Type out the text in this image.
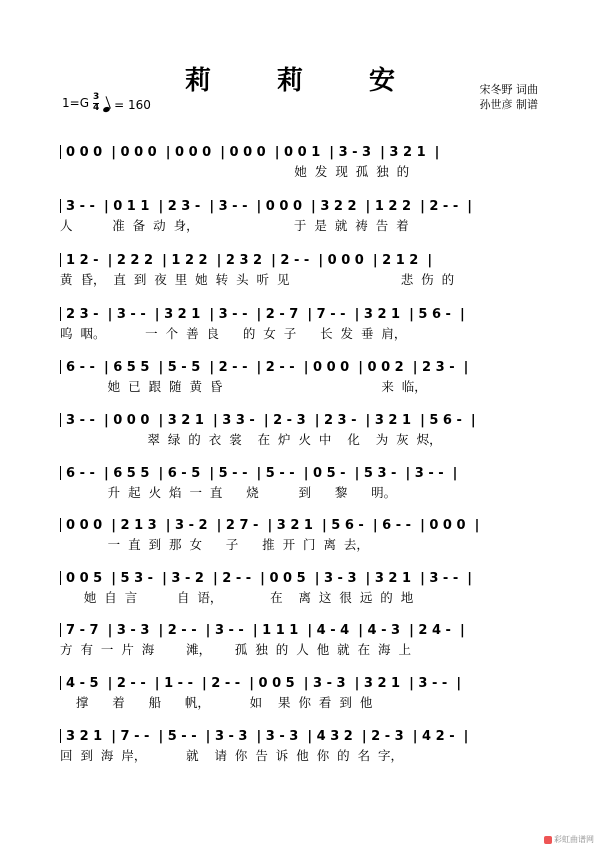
莉　莉　安	宋冬野 词曲
孙世彦 制谱
$1=G \frac{3}{4}$
= 160
0 0 0  | 0 0 0  | 0 0 0  | 0 0 0  | 0 0 1  | 3 - 3  | 3 2 1  |
她  发  现  孤  独  的
3 - -  | 0 1 1  | 2 3 -  | 3 - -  | 0 0 0  | 3 2 2  | 1 2 2  | 2 - -  |
人          准  备  动  身，                        于  是  就  祷  告  着
1 2 -  | 2 2 2  | 1 2 2  | 2 3 2  | 2 - -  | 0 0 0  | 2 1 2  |
黄  昏，  直  到  夜  里  她  转  头  听  见                            悲  伤  的
2 3 -  | 3 - -  | 3 2 1  | 3 - -  | 2 - 7  | 7 - -  | 3 2 1  | 5 6 -  |
呜  咽。          一  个  善  良      的  女  子      长  发  垂  肩，
6 - -  | 6 5 5  | 5 - 5  | 2 - -  | 2 - -  | 0 0 0  | 0 0 2  | 2 3 -  |
她  已  跟  随  黄  昏                                        来  临，
3 - -  | 0 0 0  | 3 2 1  | 3 3 -  | 2 - 3  | 2 3 -  | 3 2 1  | 5 6 -  |
翠  绿  的  衣  裳    在  炉  火  中    化    为  灰  烬，
6 - -  | 6 5 5  | 6 - 5  | 5 - -  | 5 - -  | 0 5 -  | 5 3 -  | 3 - -  |
升  起  火  焰  一  直      烧          到      黎      明。
0 0 0  | 2 1 3  | 3 - 2  | 2 7 -  | 3 2 1  | 5 6 -  | 6 - -  | 0 0 0  |
一  直  到  那  女      子      推  开  门  离  去，
0 0 5  | 5 3 -  | 3 - 2  | 2 - -  | 0 0 5  | 3 - 3  | 3 2 1  | 3 - -  |
她  自  言          自  语，            在    离  这  很  远  的  地
7 - 7  | 3 - 3  | 2 - -  | 3 - -  | 1 1 1  | 4 - 4  | 4 - 3  | 2 4 -  |
方  有  一  片  海        滩，      孤  独  的  人  他  就  在  海  上
4 - 5  | 2 - -  | 1 - -  | 2 - -  | 0 0 5  | 3 - 3  | 3 2 1  | 3 - -  |
撑      着      船      帆，          如    果  你  看  到  他
3 2 1  | 7 - -  | 5 - -  | 3 - 3  | 3 - 3  | 4 3 2  | 2 - 3  | 4 2 -  |
回  到  海  岸，          就    请  你  告  诉  他  你  的  名  字，
彩虹曲谱网
